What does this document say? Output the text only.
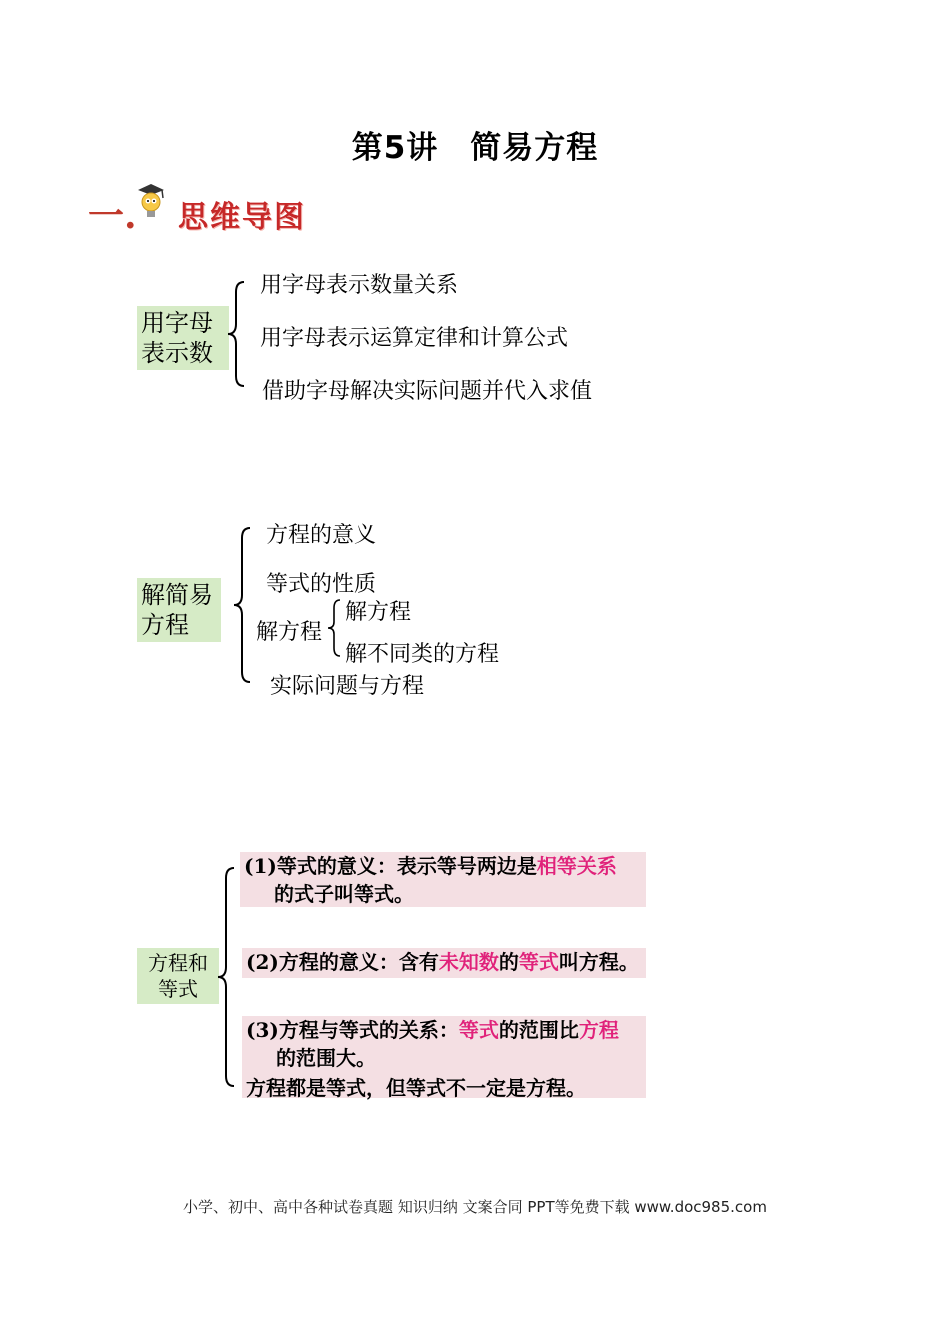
第5讲 简易方程
一. 思维导图
用字母
表示数
用字母表示数量关系
用字母表示运算定律和计算公式
借助字母解决实际问题并代入求值
解简易
方程
方程的意义
等式的性质
解方程
解方程
解不同类的方程
实际问题与方程
方程和
等式
(1)等式的意义：表示等号两边是相等关系
的式子叫等式。
(2)方程的意义：含有未知数的等式叫方程。
(3)方程与等式的关系：等式的范围比方程
的范围大。
方程都是等式，但等式不一定是方程。
小学、初中、高中各种试卷真题 知识归纳 文案合同 PPT等免费下载 www.doc985.com
